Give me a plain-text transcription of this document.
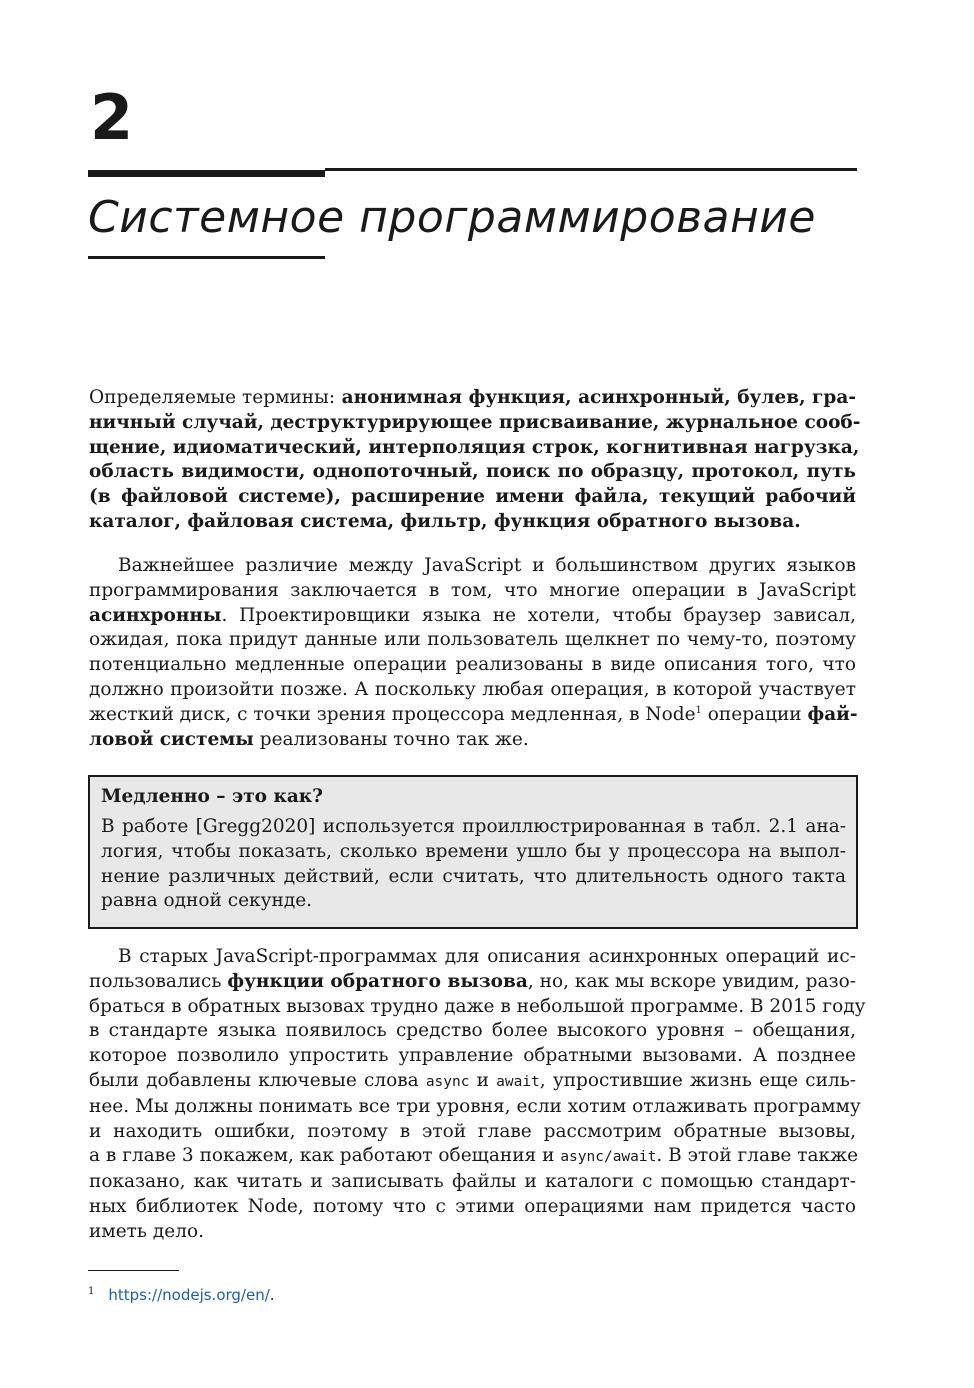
2
Системное программирование

Определяемые термины: анонимная функция, асинхронный, булев, гра-
ничный случай, деструктурирующее присваивание, журнальное сооб-
щение, идиоматический, интерполяция строк, когнитивная нагрузка,
область видимости, однопоточный, поиск по образцу, протокол, путь
(в файловой системе), расширение имени файла, текущий рабочий
каталог, файловая система, фильтр, функция обратного вызова.

Важнейшее различие между JavaScript и большинством других языков
программирования заключается в том, что многие операции в JavaScript
асинхронны. Проектировщики языка не хотели, чтобы браузер зависал,
ожидая, пока придут данные или пользователь щелкнет по чему-то, поэтому
потенциально медленные операции реализованы в виде описания того, что
должно произойти позже. А поскольку любая операция, в которой участвует
жесткий диск, с точки зрения процессора медленная, в Node$^1$ операции фай-
ловой системы реализованы точно так же.

Медленно – это как?
В работе [Gregg2020] используется проиллюстрированная в табл. 2.1 ана-
логия, чтобы показать, сколько времени ушло бы у процессора на выпол-
нение различных действий, если считать, что длительность одного такта
равна одной секунде.

В старых JavaScript-программах для описания асинхронных операций ис-
пользовались функции обратного вызова, но, как мы вскоре увидим, разо-
браться в обратных вызовах трудно даже в небольшой программе. В 2015 году
в стандарте языка появилось средство более высокого уровня – обещания,
которое позволило упростить управление обратными вызовами. А позднее
были добавлены ключевые слова async и await, упростившие жизнь еще силь-
нее. Мы должны понимать все три уровня, если хотим отлаживать программу
и находить ошибки, поэтому в этой главе рассмотрим обратные вызовы,
а в главе 3 покажем, как работают обещания и async/await. В этой главе также
показано, как читать и записывать файлы и каталоги с помощью стандарт-
ных библиотек Node, потому что с этими операциями нам придется часто
иметь дело.

$^1$ https://nodejs.org/en/.
